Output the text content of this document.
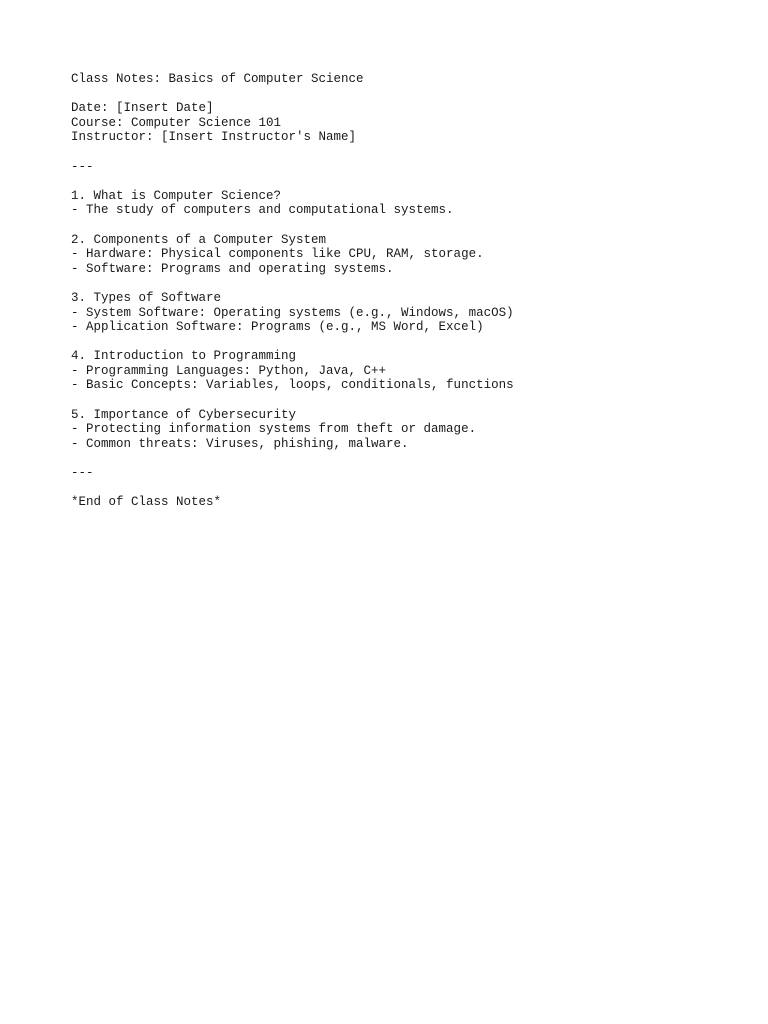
Class Notes: Basics of Computer Science
Date: [Insert Date]
Course: Computer Science 101
Instructor: [Insert Instructor's Name]
---
1. What is Computer Science?
- The study of computers and computational systems.
2. Components of a Computer System
- Hardware: Physical components like CPU, RAM, storage.
- Software: Programs and operating systems.
3. Types of Software
- System Software: Operating systems (e.g., Windows, macOS)
- Application Software: Programs (e.g., MS Word, Excel)
4. Introduction to Programming
- Programming Languages: Python, Java, C++
- Basic Concepts: Variables, loops, conditionals, functions
5. Importance of Cybersecurity
- Protecting information systems from theft or damage.
- Common threats: Viruses, phishing, malware.
---
*End of Class Notes*
